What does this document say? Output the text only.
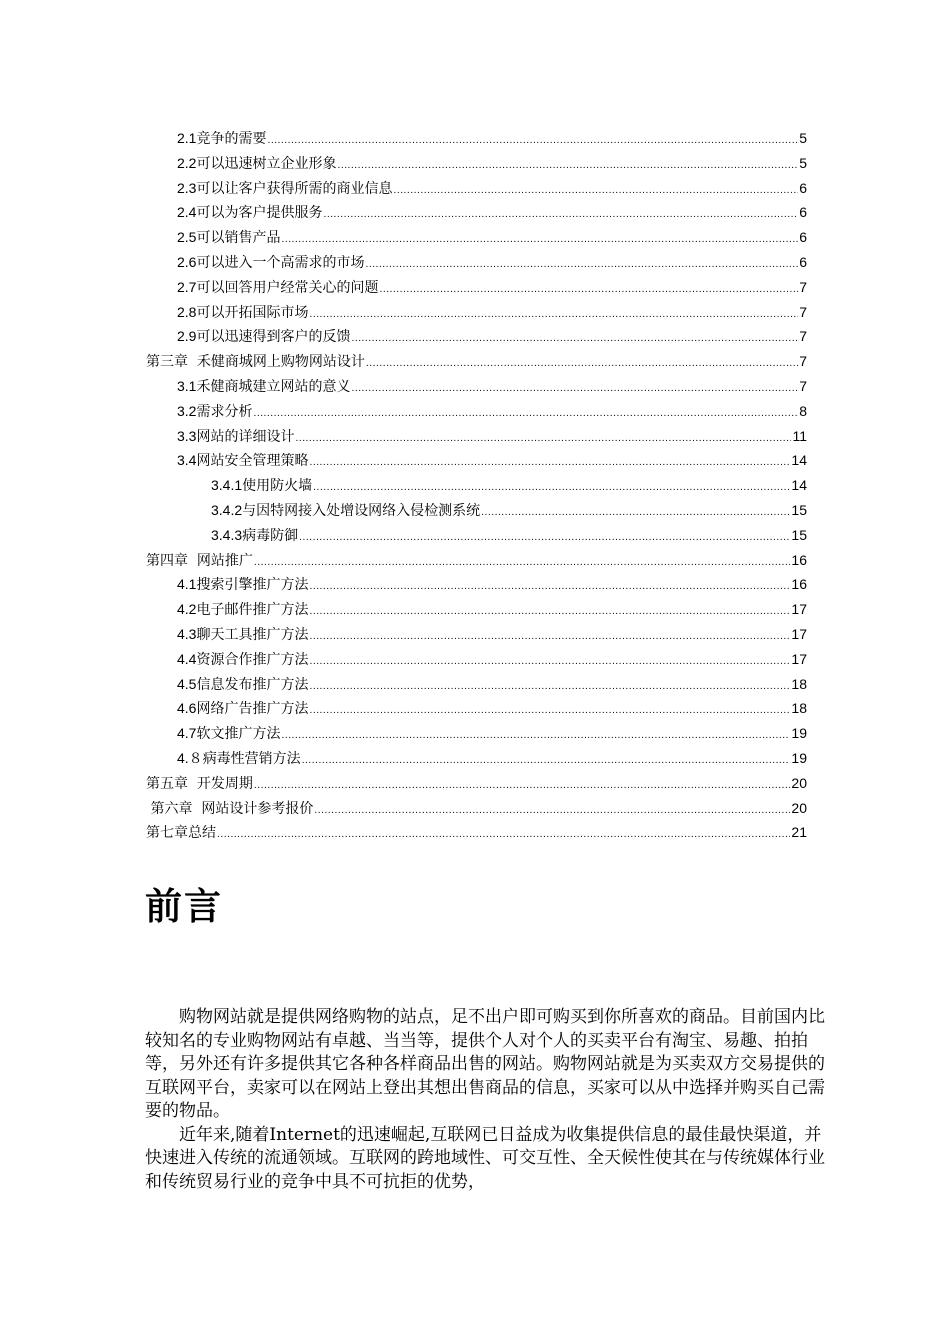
2.1 竞争的需要 .....	5
2.2 可以迅速树立企业形象 .....	5
2.3 可以让客户获得所需的商业信息 .....	6
2.4 可以为客户提供服务 .....	6
2.5 可以销售产品 .....	6
2.6 可以进入一个高需求的市场 .....	6
2.7 可以回答用户经常关心的问题 .....	7
2.8 可以开拓国际市场 .....	7
2.9 可以迅速得到客户的反馈 .....	7
第三章  禾健商城网上购物网站设计 .....	7
3.1 禾健商城建立网站的意义 .....	7
3.2 需求分析 .....	8
3.3 网站的详细设计 .....	11
3.4 网站安全管理策略 .....	14
3.4.1 使用防火墙 .....	14
3.4.2 与因特网接入处增设网络入侵检测系统 .....	15
3.4.3 病毒防御 .....	15
第四章  网站推广 .....	16
4.1 搜索引擎推广方法 .....	16
4.2 电子邮件推广方法 .....	17
4.3 聊天工具推广方法 .....	17
4.4 资源合作推广方法 .....	17
4.5 信息发布推广方法 .....	18
4.6 网络广告推广方法 .....	18
4.7 软文推广方法 .....	19
4.８ 病毒性营销方法 .....	19
第五章  开发周期 .....	20
第六章  网站设计参考报价 .....	20
第七章总结 .....	21
前言

购物网站就是提供网络购物的站点，足不出户即可购买到你所喜欢的商品。目前国内比较知名的专业购物网站有卓越、当当等，提供个人对个人的买卖平台有淘宝、易趣、拍拍等，另外还有许多提供其它各种各样商品出售的网站。购物网站就是为买卖双方交易提供的互联网平台，卖家可以在网站上登出其想出售商品的信息，买家可以从中选择并购买自己需要的物品。

近年来,随着Internet的迅速崛起,互联网已日益成为收集提供信息的最佳最快渠道，并快速进入传统的流通领域。互联网的跨地域性、可交互性、全天候性使其在与传统媒体行业和传统贸易行业的竞争中具不可抗拒的优势，
